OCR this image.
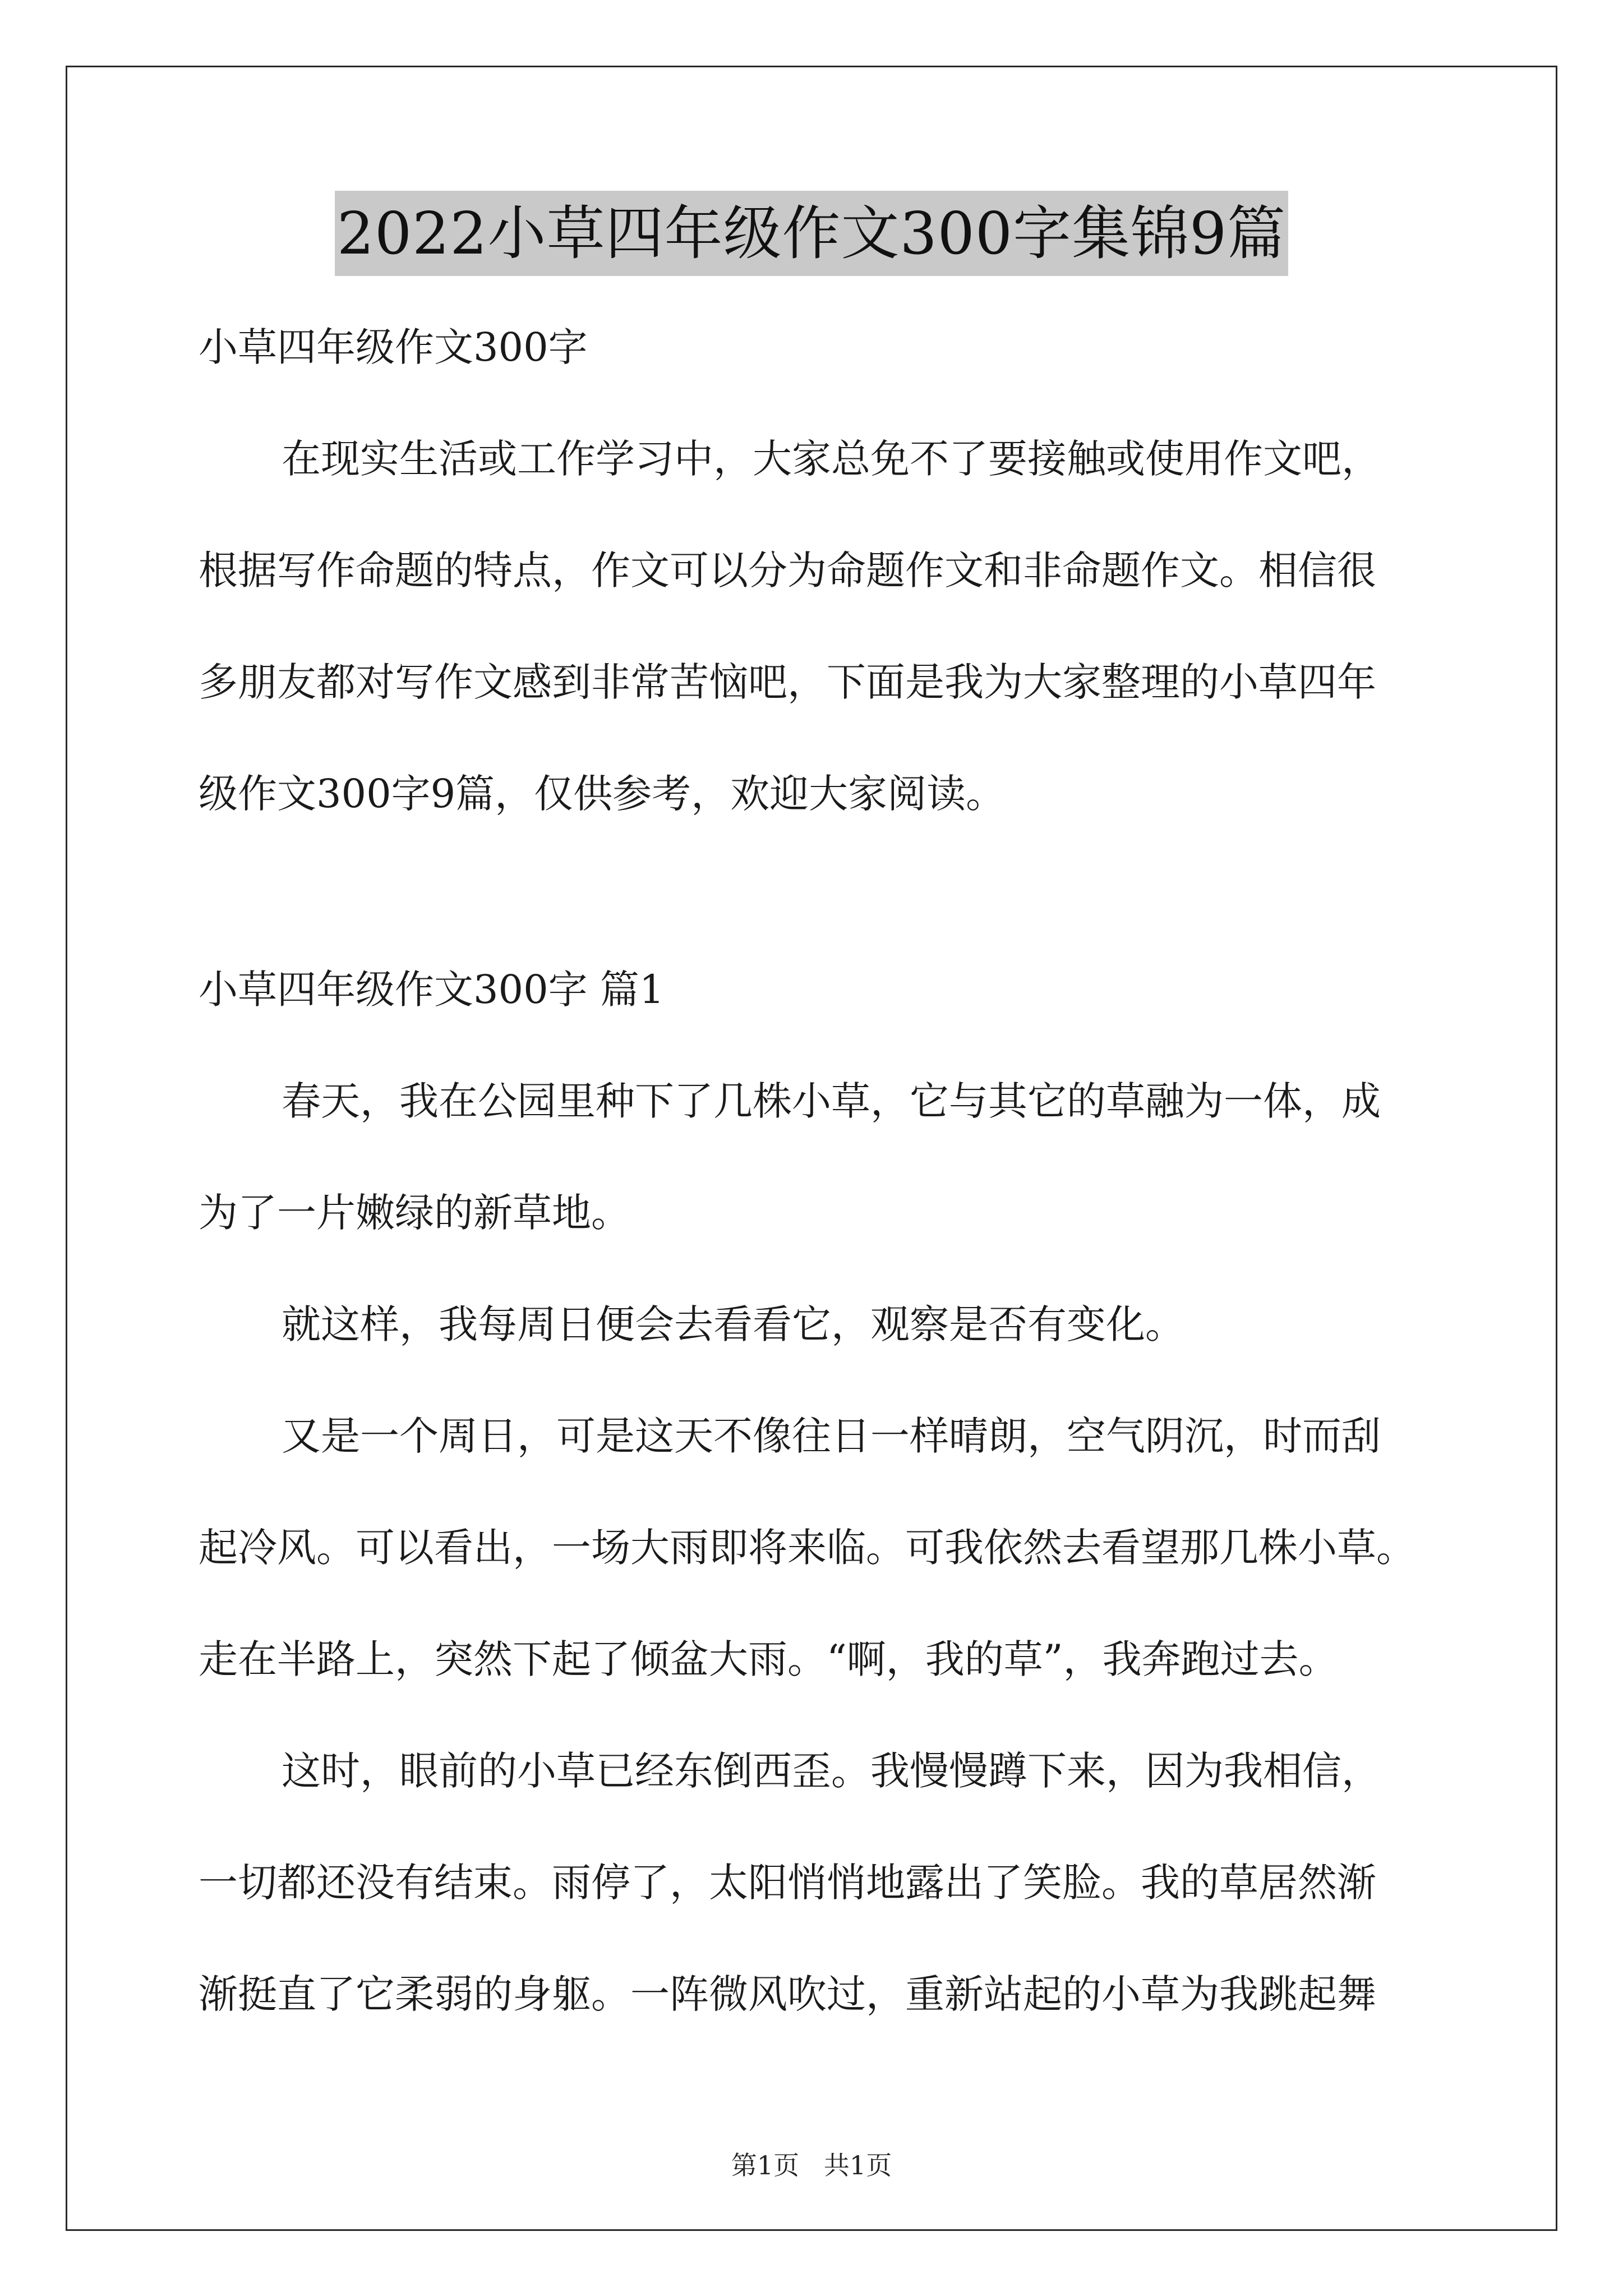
2022小草四年级作文300字集锦9篇
小草四年级作文300字
在现实生活或工作学习中，大家总免不了要接触或使用作文吧，
根据写作命题的特点，作文可以分为命题作文和非命题作文。相信很
多朋友都对写作文感到非常苦恼吧，下面是我为大家整理的小草四年
级作文300字9篇，仅供参考，欢迎大家阅读。
小草四年级作文300字 篇1
春天，我在公园里种下了几株小草，它与其它的草融为一体，成
为了一片嫩绿的新草地。
就这样，我每周日便会去看看它，观察是否有变化。
又是一个周日，可是这天不像往日一样晴朗，空气阴沉，时而刮
起冷风。可以看出，一场大雨即将来临。可我依然去看望那几株小草。
走在半路上，突然下起了倾盆大雨。“啊，我的草”，我奔跑过去。
这时，眼前的小草已经东倒西歪。我慢慢蹲下来，因为我相信，
一切都还没有结束。雨停了，太阳悄悄地露出了笑脸。我的草居然渐
渐挺直了它柔弱的身躯。一阵微风吹过，重新站起的小草为我跳起舞
第1页   共1页
